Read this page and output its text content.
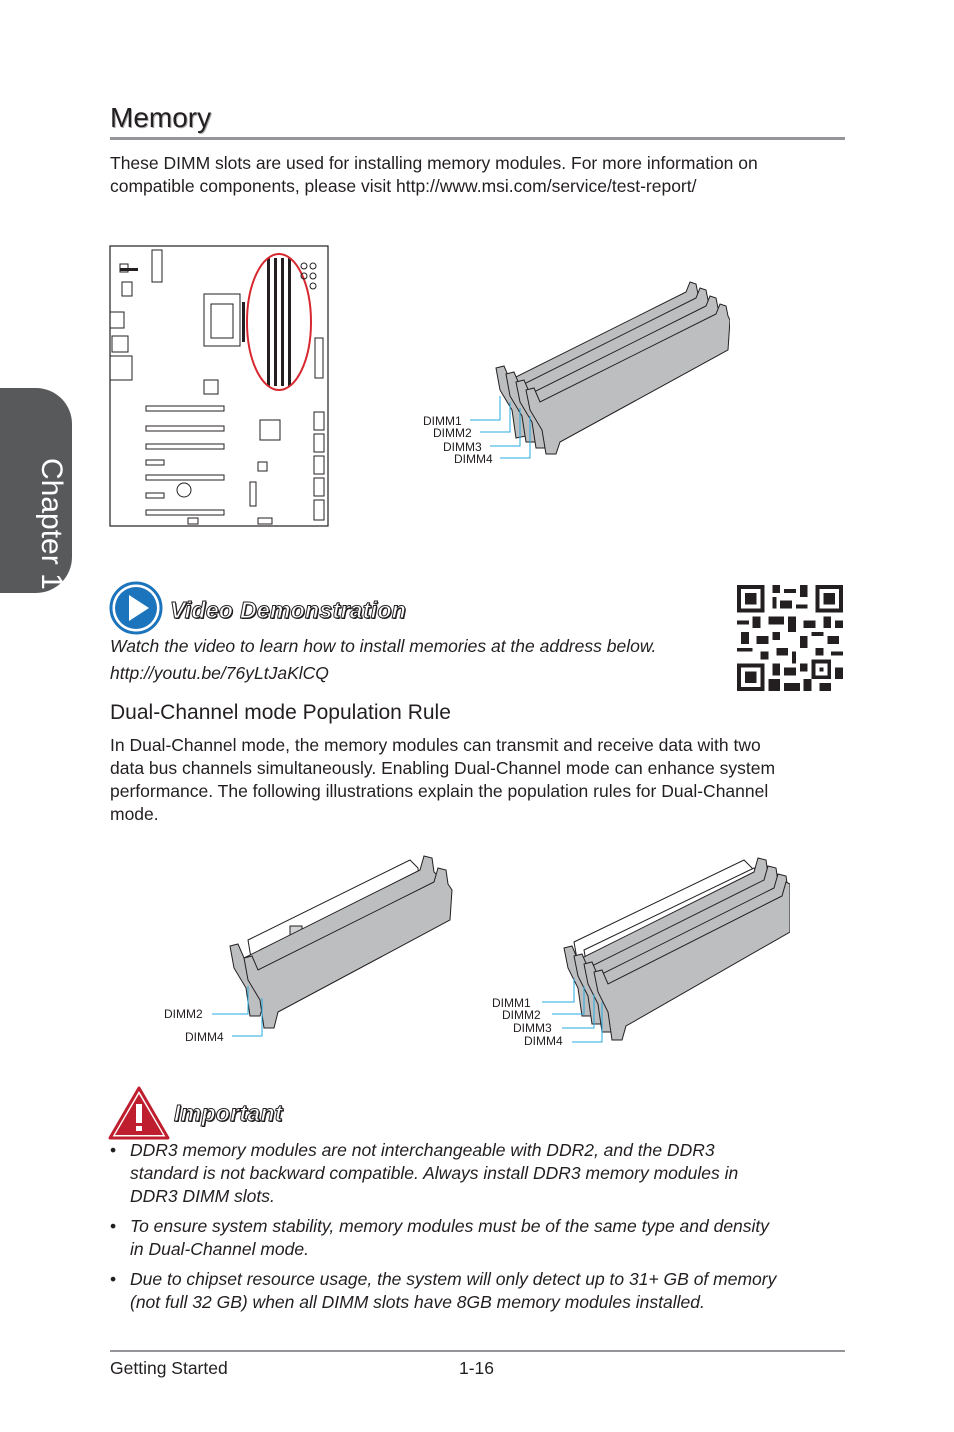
Chapter 1
Memory
These DIMM slots are used for installing memory modules. For more information on
compatible components, please visit http://www.msi.com/service/test-report/
DIMM1
DIMM2
DIMM3
DIMM4
Video Demonstration
Watch the video to learn how to install memories at the address below.
http://youtu.be/76yLtJaKlCQ
Dual-Channel mode Population Rule
In Dual-Channel mode, the memory modules can transmit and receive data with two
data bus channels simultaneously. Enabling Dual-Channel mode can enhance system
performance. The following illustrations explain the population rules for Dual-Channel
mode.
DIMM2
DIMM4
DIMM1
DIMM2
DIMM3
DIMM4
Important
• DDR3 memory modules are not interchangeable with DDR2, and the DDR3
standard is not backward compatible. Always install DDR3 memory modules in
DDR3 DIMM slots.
• To ensure system stability, memory modules must be of the same type and density
in Dual-Channel mode.
• Due to chipset resource usage, the system will only detect up to 31+ GB of memory
(not full 32 GB) when all DIMM slots have 8GB memory modules installed.
Getting Started	1-16
